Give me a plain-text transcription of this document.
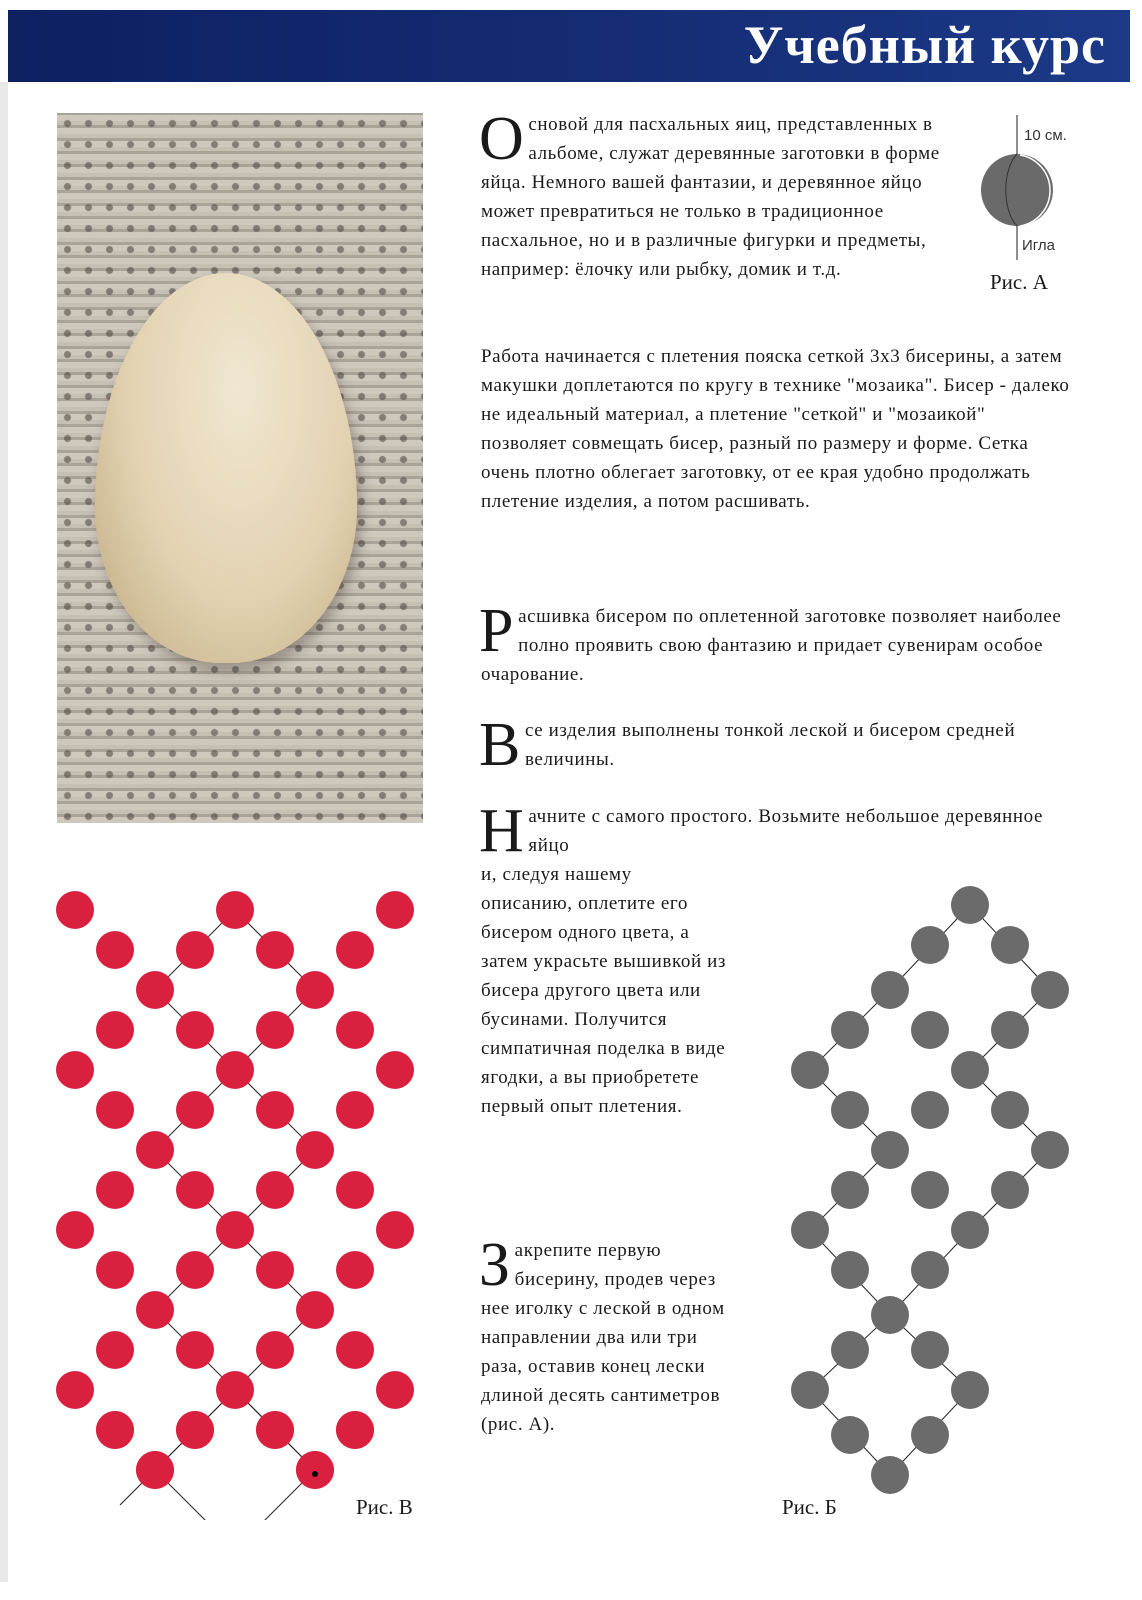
Учебный курс

Основой для пасхальных яиц, представленных в альбоме, служат деревянные заготовки в форме яйца. Немного вашей фантазии, и деревянное яйцо может превратиться не только в традиционное пасхальное, но и в различные фигурки и предметы, например: ёлочку или рыбку, домик и т.д.

Работа начинается с плетения пояска сеткой 3х3 бисерины, а затем макушки доплетаются по кругу в технике "мозаика". Бисер - далеко не идеальный материал, а плетение "сеткой" и "мозаикой" позволяет совмещать бисер, разный по размеру и форме. Сетка очень плотно облегает заготовку, от ее края удобно продолжать плетение изделия, а потом расшивать.

Расшивка бисером по оплетенной заготовке позволяет наиболее полно проявить свою фантазию и придает сувенирам особое очарование.

Все изделия выполнены тонкой леской и бисером средней величины.

Начните с самого простого. Возьмите небольшое деревянное яйцо

и, следуя нашему описанию, оплетите его бисером одного цвета, а затем украсьте вышивкой из бисера другого цвета или бусинами. Получится симпатичная поделка в виде ягодки, а вы приобретете первый опыт плетения.

Закрепите первую бисерину, продев через нее иголку с леской в одном направлении два или три раза, оставив конец лески длиной десять сантиметров (рис. А).

10 см.
Игла
Рис. А
Рис. В	Рис. Б
